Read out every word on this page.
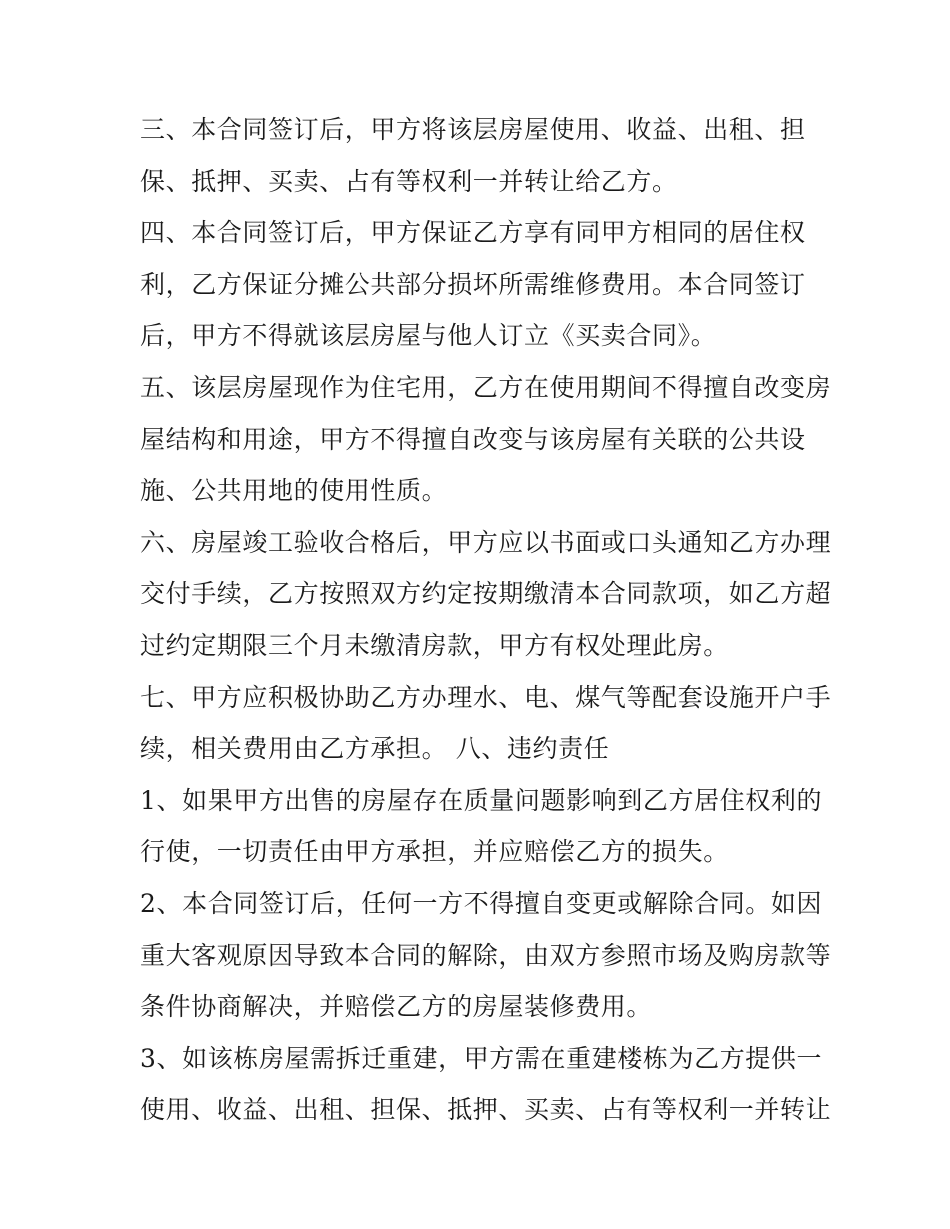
三、本合同签订后，甲方将该层房屋使用、收益、出租、担
保、抵押、买卖、占有等权利一并转让给乙方。
四、本合同签订后，甲方保证乙方享有同甲方相同的居住权
利，乙方保证分摊公共部分损坏所需维修费用。本合同签订
后，甲方不得就该层房屋与他人订立《买卖合同》。
五、该层房屋现作为住宅用，乙方在使用期间不得擅自改变房
屋结构和用途，甲方不得擅自改变与该房屋有关联的公共设
施、公共用地的使用性质。
六、房屋竣工验收合格后，甲方应以书面或口头通知乙方办理
交付手续，乙方按照双方约定按期缴清本合同款项，如乙方超
过约定期限三个月未缴清房款，甲方有权处理此房。
七、甲方应积极协助乙方办理水、电、煤气等配套设施开户手
续，相关费用由乙方承担。 八、违约责任
1、如果甲方出售的房屋存在质量问题影响到乙方居住权利的
行使，一切责任由甲方承担，并应赔偿乙方的损失。
2、本合同签订后，任何一方不得擅自变更或解除合同。如因
重大客观原因导致本合同的解除，由双方参照市场及购房款等
条件协商解决，并赔偿乙方的房屋装修费用。
3、如该栋房屋需拆迁重建，甲方需在重建楼栋为乙方提供一
使用、收益、出租、担保、抵押、买卖、占有等权利一并转让
